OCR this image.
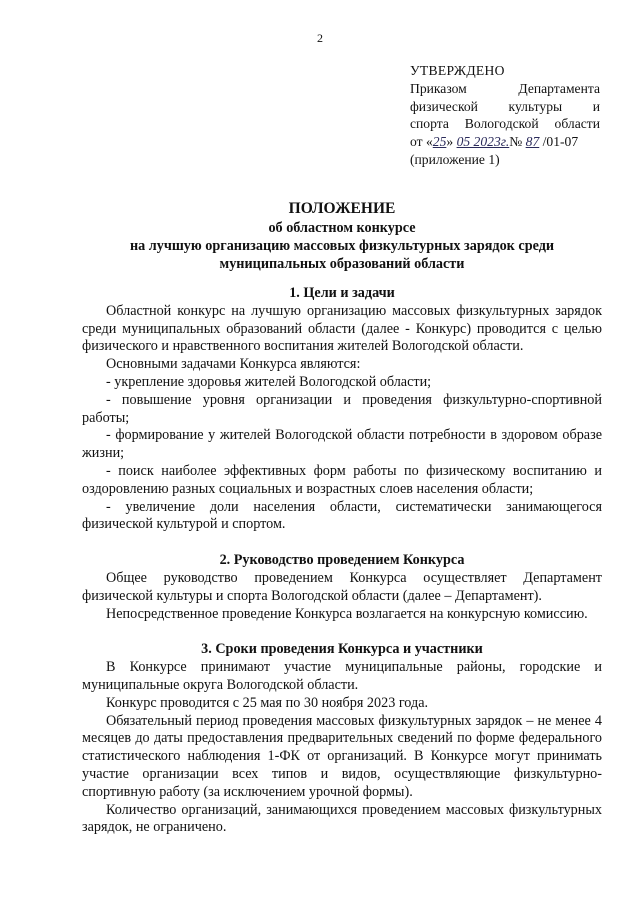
2
УТВЕРЖДЕНО
Приказом Департамента
физической культуры и
спорта Вологодской области
от «25» 05 2023г.№ 87 /01-07
(приложение 1)
ПОЛОЖЕНИЕ
об областном конкурсе
на лучшую организацию массовых физкультурных зарядок среди
муниципальных образований области
1. Цели и задачи

Областной конкурс на лучшую организацию массовых физкультурных зарядок среди муниципальных образований области (далее - Конкурс) проводится с целью физического и нравственного воспитания жителей Вологодской области.

Основными задачами Конкурса являются:

- укрепление здоровья жителей Вологодской области;

- повышение уровня организации и проведения физкультурно-спортивной работы;

- формирование у жителей Вологодской области потребности в здоровом образе жизни;

- поиск наиболее эффективных форм работы по физическому воспитанию и оздоровлению разных социальных и возрастных слоев населения области;

- увеличение доли населения области, систематически занимающегося физической культурой и спортом.

2. Руководство проведением Конкурса

Общее руководство проведением Конкурса осуществляет Департамент физической культуры и спорта Вологодской области (далее – Департамент).

Непосредственное проведение Конкурса возлагается на конкурсную комиссию.

3. Сроки проведения Конкурса и участники

В Конкурсе принимают участие муниципальные районы, городские и муниципальные округа Вологодской области.

Конкурс проводится с 25 мая по 30 ноября 2023 года.

Обязательный период проведения массовых физкультурных зарядок – не менее 4 месяцев до даты предоставления предварительных сведений по форме федерального статистического наблюдения 1-ФК от организаций. В Конкурсе могут принимать участие организации всех типов и видов, осуществляющие физкультурно-спортивную работу (за исключением урочной формы).

Количество организаций, занимающихся проведением массовых физкультурных зарядок, не ограничено.
